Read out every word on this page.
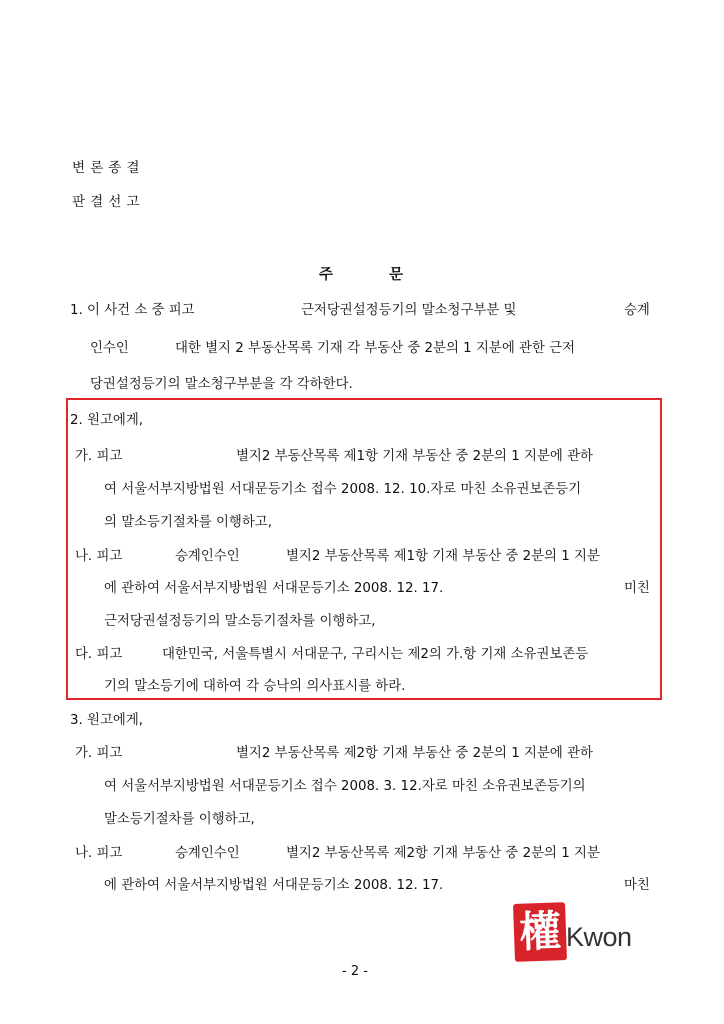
변론종결
판결선고
주	문
1. 이 사건 소 중 피고	근저당권설정등기의 말소청구부분 및	승계
인수인	대한 별지 2 부동산목록 기재 각 부동산 중 2분의 1 지분에 관한 근저
당권설정등기의 말소청구부분을 각 각하한다.
2. 원고에게,
가. 피고	별지2 부동산목록 제1항 기재 부동산 중 2분의 1 지분에 관하
여 서울서부지방법원 서대문등기소 접수 2008. 12. 10.자로 마친 소유권보존등기
의 말소등기절차를 이행하고,
나. 피고	승계인수인	별지2 부동산목록 제1항 기재 부동산 중 2분의 1 지분
에 관하여 서울서부지방법원 서대문등기소 2008. 12. 17.	미친
근저당권설정등기의 말소등기절차를 이행하고,
다. 피고	대한민국, 서울특별시 서대문구, 구리시는 제2의 가.항 기재 소유권보존등
기의 말소등기에 대하여 각 승낙의 의사표시를 하라.
3. 원고에게,
가. 피고	별지2 부동산목록 제2항 기재 부동산 중 2분의 1 지분에 관하
여 서울서부지방법원 서대문등기소 접수 2008. 3. 12.자로 마친 소유권보존등기의
말소등기절차를 이행하고,
나. 피고	승계인수인	별지2 부동산목록 제2항 기재 부동산 중 2분의 1 지분
에 관하여 서울서부지방법원 서대문등기소 2008. 12. 17.	마친
權 Kwon
- 2 -
